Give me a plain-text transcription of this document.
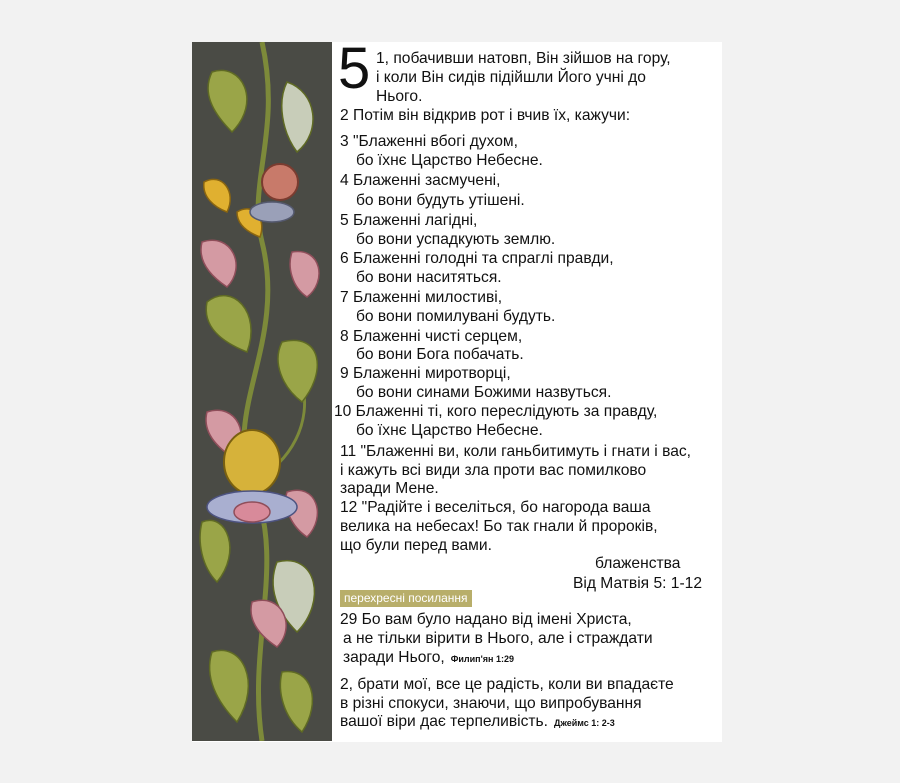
5 1, побачивши натовп, Він зійшов на гору,
і коли Він сидів підійшли Його учні до
Нього.
2 Потім він відкрив рот і вчив їх, кажучи:
3 "Блаженні вбогі духом,
бо їхнє Царство Небесне.
4 Блаженні засмучені,
бо вони будуть утішені.
5 Блаженні лагідні,
бо вони успадкують землю.
6 Блаженні голодні та спраглі правди,
бо вони наситяться.
7 Блаженні милостиві,
бо вони помилувані будуть.
8 Блаженні чисті серцем,
бо вони Бога побачать.
9 Блаженні миротворці,
бо вони синами Божими назвуться.
10 Блаженні ті, кого переслідують за правду,
бо їхнє Царство Небесне.
11 "Блаженні ви, коли ганьбитимуть і гнати і вас,
і кажуть всі види зла проти вас помилково
заради Мене.
12 "Радійте і веселіться, бо нагорода ваша
велика на небесах! Бо так гнали й пророків,
що були перед вами.
блаженства
Від Матвія 5: 1-12
перехресні посилання
29 Бо вам було надано від імені Христа,
а не тільки вірити в Нього, але і страждати
заради Нього, Филип'ян 1:29
2, брати мої, все це радість, коли ви впадаєте
в різні спокуси, знаючи, що випробування
вашої віри дає терпеливість. Джеймс 1: 2-3
